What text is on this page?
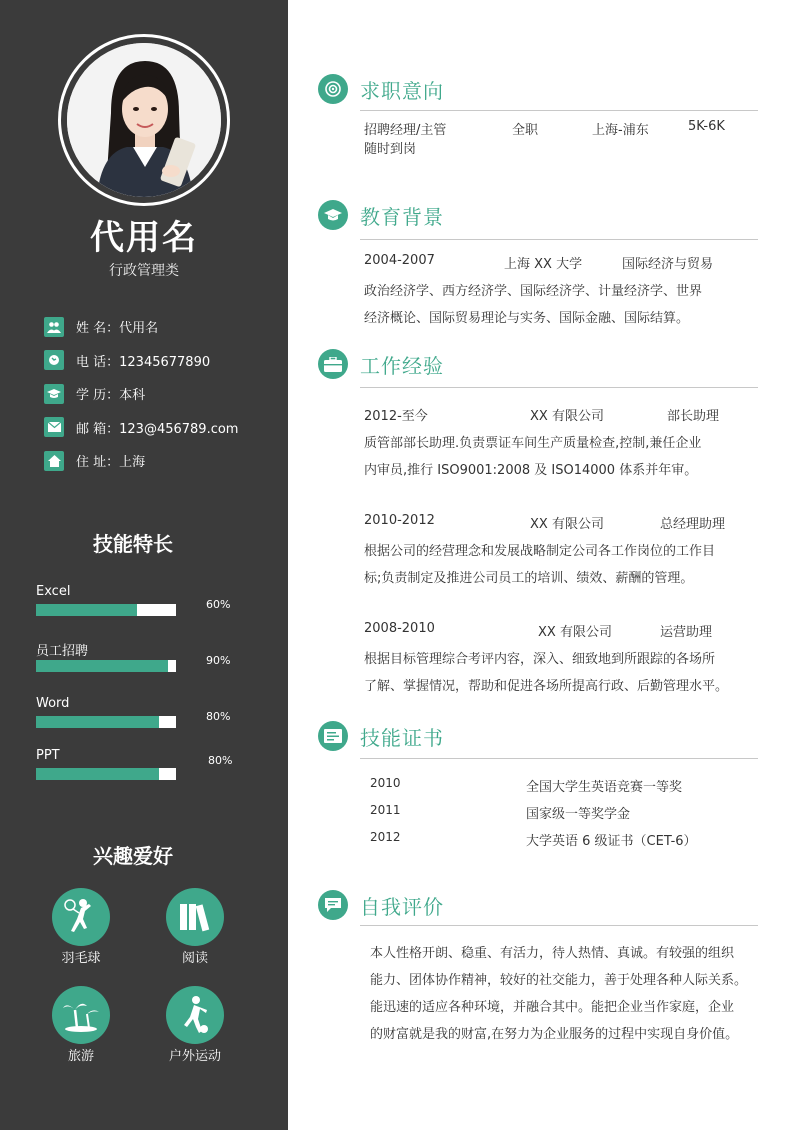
代用名
行政管理类
姓 名：代用名
电 话：12345677890
学 历：本科
邮 箱：123@456789.com
住 址：上海
技能特长
Excel
60%
员工招聘
90%
Word
80%
PPT	80%
兴趣爱好
羽毛球	阅读
旅游	户外运动
求职意向
招聘经理/主管	全职	上海-浦东	5K-6K
随时到岗
教育背景
2004-2007	上海 XX 大学	国际经济与贸易
政治经济学、西方经济学、国际经济学、计量经济学、世界
经济概论、国际贸易理论与实务、国际金融、国际结算。
工作经验
2012-至今	XX 有限公司	部长助理
质管部部长助理.负责票证车间生产质量检查,控制,兼任企业
内审员,推行 ISO9001:2008 及 ISO14000 体系并年审。
2010-2012	XX 有限公司	总经理助理
根据公司的经营理念和发展战略制定公司各工作岗位的工作目
标;负责制定及推进公司员工的培训、绩效、薪酬的管理。
2008-2010	XX 有限公司	运营助理
根据目标管理综合考评内容，深入、细致地到所跟踪的各场所
了解、掌握情况，帮助和促进各场所提高行政、后勤管理水平。
技能证书
2010	全国大学生英语竞赛一等奖
2011	国家级一等奖学金
2012	大学英语 6 级证书（CET-6）
自我评价
本人性格开朗、稳重、有活力，待人热情、真诚。有较强的组织
能力、团体协作精神，较好的社交能力，善于处理各种人际关系。
能迅速的适应各种环境，并融合其中。能把企业当作家庭，企业
的财富就是我的财富,在努力为企业服务的过程中实现自身价值。
